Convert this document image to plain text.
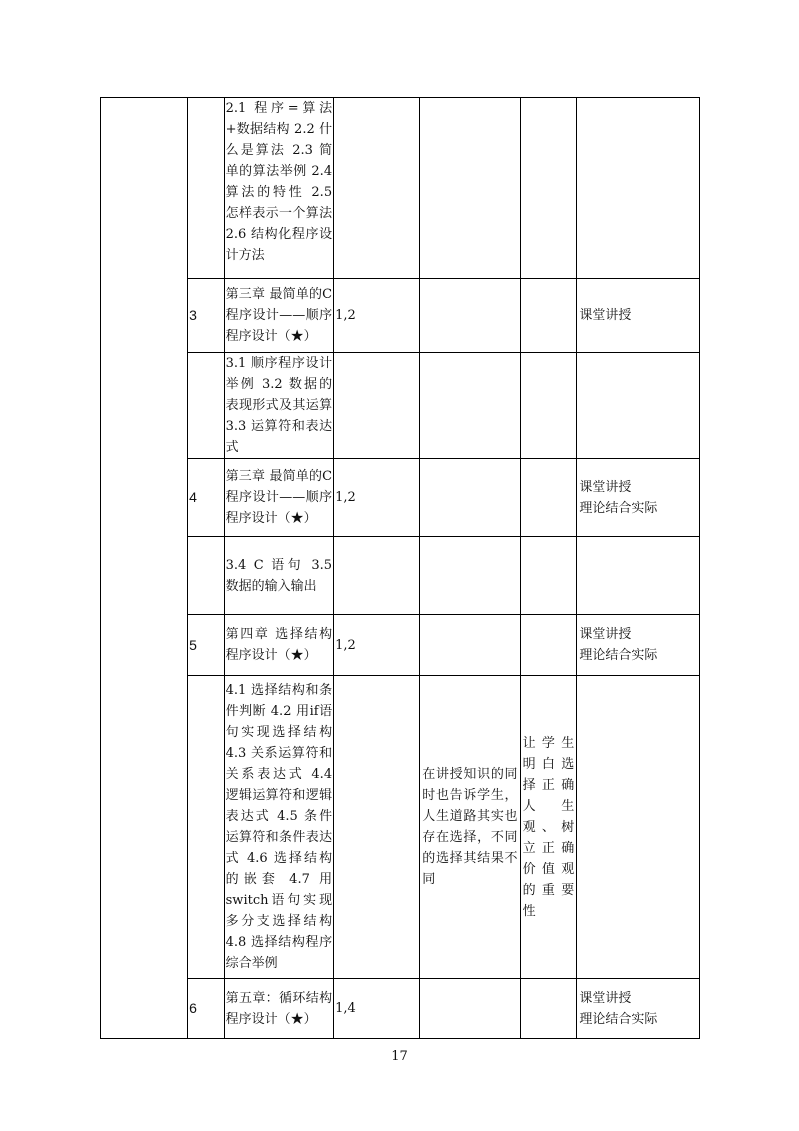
		2.1 程序=算法+数据结构 2.2 什么是算法 2.3 简单的算法举例 2.4 算法的特性 2.5 怎样表示一个算法 2.6 结构化程序设计方法				

	3	第三章 最简单的C程序设计——顺序程序设计（★）	1,2			课堂讲授

		3.1 顺序程序设计举例 3.2 数据的表现形式及其运算 3.3 运算符和表达式				

	4	第三章 最简单的C程序设计——顺序程序设计（★）	1,2			课堂讲授
理论结合实际

		3.4 C 语句 3.5 数据的输入输出				

	5	第四章 选择结构程序设计（★）	1,2			课堂讲授
理论结合实际

		4.1 选择结构和条件判断 4.2 用if语句实现选择结构 4.3 关系运算符和关系表达式 4.4 逻辑运算符和逻辑表达式 4.5 条件运算符和条件表达式 4.6 选择结构的嵌套 4.7 用switch语句实现多分支选择结构 4.8 选择结构程序综合举例		在讲授知识的同时也告诉学生，人生道路其实也存在选择，不同的选择其结果不同	让学生明白选择正确人生观、树立正确价值观的重要性	

	6	第五章：循环结构程序设计（★）	1,4			课堂讲授
理论结合实际
17
